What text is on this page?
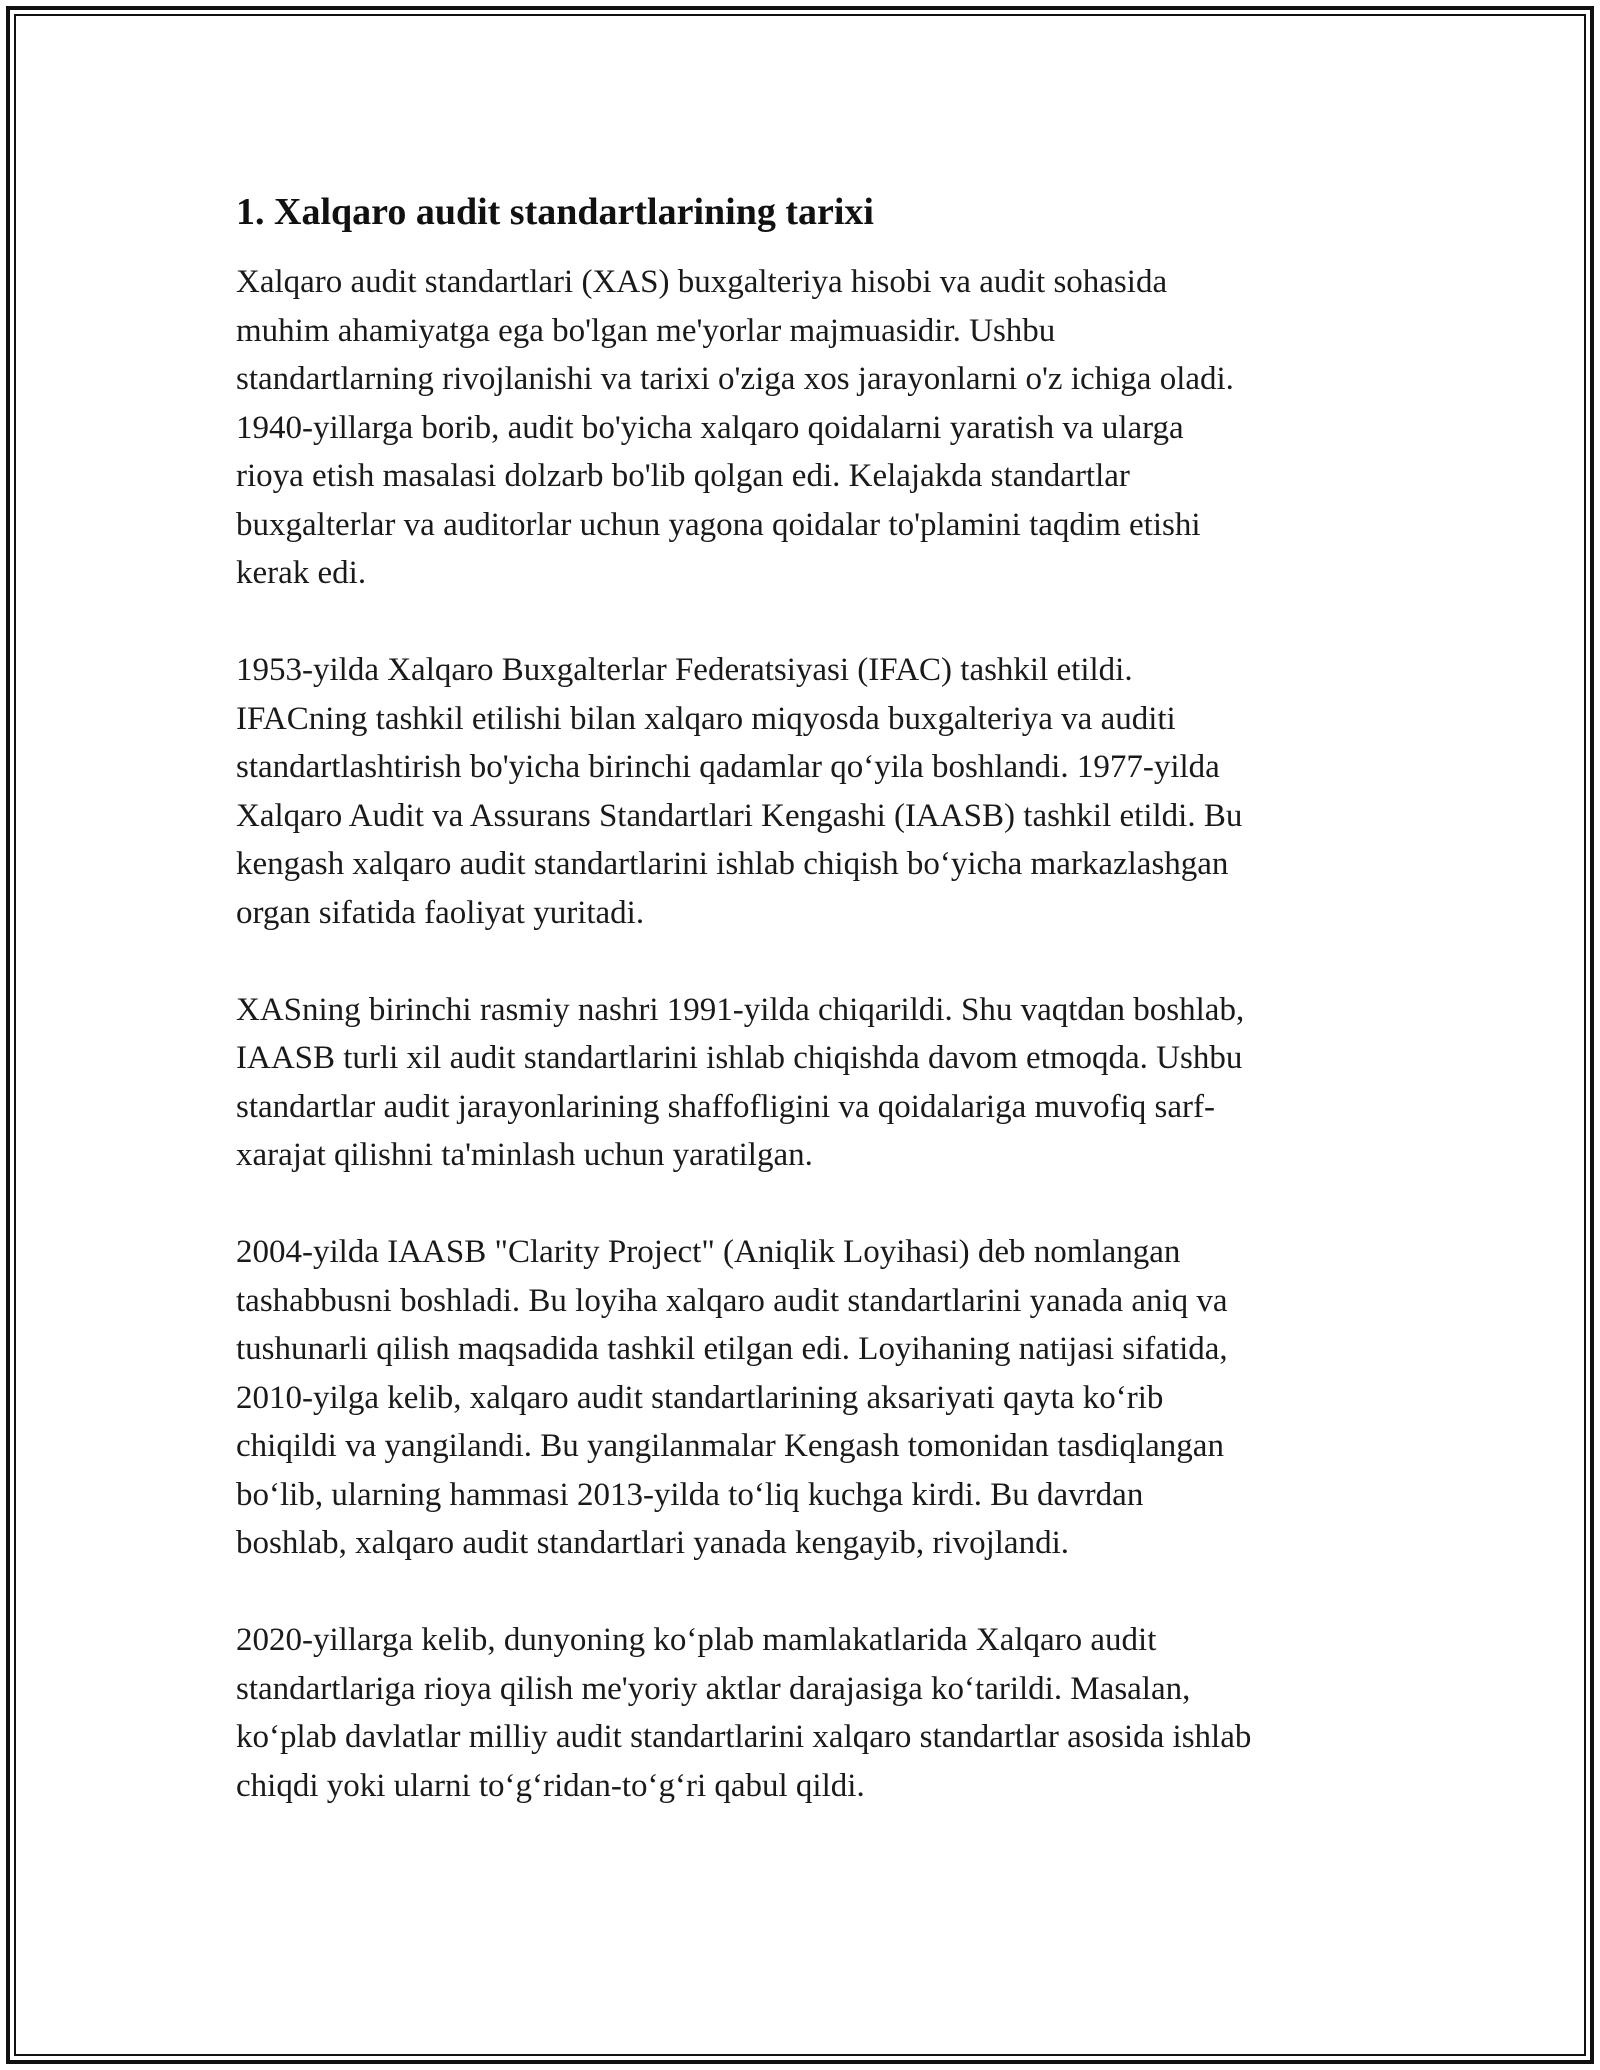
1. Xalqaro audit standartlarining tarixi

Xalqaro audit standartlari (XAS) buxgalteriya hisobi va audit sohasida
muhim ahamiyatga ega bo'lgan me'yorlar majmuasidir. Ushbu
standartlarning rivojlanishi va tarixi o'ziga xos jarayonlarni o'z ichiga oladi.
1940-yillarga borib, audit bo'yicha xalqaro qoidalarni yaratish va ularga
rioya etish masalasi dolzarb bo'lib qolgan edi. Kelajakda standartlar
buxgalterlar va auditorlar uchun yagona qoidalar to'plamini taqdim etishi
kerak edi.

1953-yilda Xalqaro Buxgalterlar Federatsiyasi (IFAC) tashkil etildi.
IFACning tashkil etilishi bilan xalqaro miqyosda buxgalteriya va auditi
standartlashtirish bo'yicha birinchi qadamlar qo‘yila boshlandi. 1977-yilda
Xalqaro Audit va Assurans Standartlari Kengashi (IAASB) tashkil etildi. Bu
kengash xalqaro audit standartlarini ishlab chiqish bo‘yicha markazlashgan
organ sifatida faoliyat yuritadi.

XASning birinchi rasmiy nashri 1991-yilda chiqarildi. Shu vaqtdan boshlab,
IAASB turli xil audit standartlarini ishlab chiqishda davom etmoqda. Ushbu
standartlar audit jarayonlarining shaffofligini va qoidalariga muvofiq sarf-
xarajat qilishni ta'minlash uchun yaratilgan.

2004-yilda IAASB "Clarity Project" (Aniqlik Loyihasi) deb nomlangan
tashabbusni boshladi. Bu loyiha xalqaro audit standartlarini yanada aniq va
tushunarli qilish maqsadida tashkil etilgan edi. Loyihaning natijasi sifatida,
2010-yilga kelib, xalqaro audit standartlarining aksariyati qayta ko‘rib
chiqildi va yangilandi. Bu yangilanmalar Kengash tomonidan tasdiqlangan
bo‘lib, ularning hammasi 2013-yilda to‘liq kuchga kirdi. Bu davrdan
boshlab, xalqaro audit standartlari yanada kengayib, rivojlandi.

2020-yillarga kelib, dunyoning ko‘plab mamlakatlarida Xalqaro audit
standartlariga rioya qilish me'yoriy aktlar darajasiga ko‘tarildi. Masalan,
ko‘plab davlatlar milliy audit standartlarini xalqaro standartlar asosida ishlab
chiqdi yoki ularni to‘g‘ridan-to‘g‘ri qabul qildi.
